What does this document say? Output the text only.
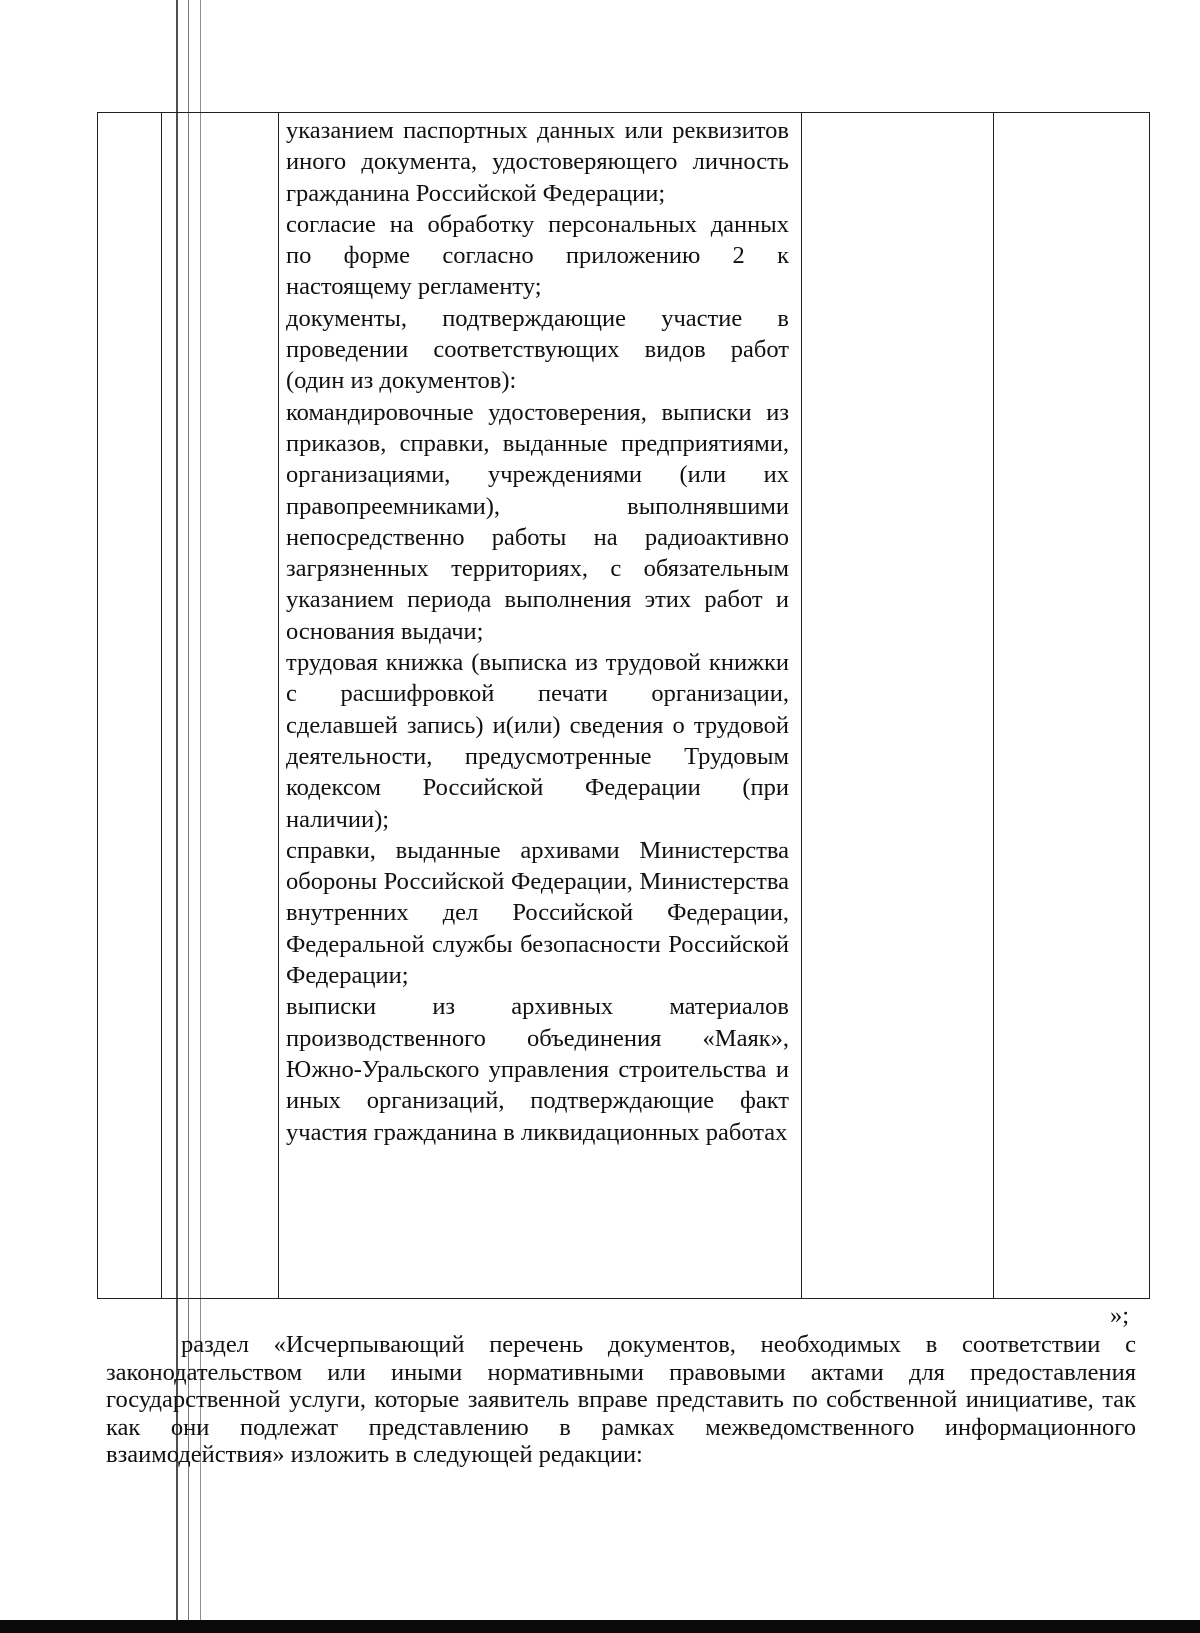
указанием паспортных данных или реквизитов иного документа, удостоверяющего личность гражданина Российской Федерации;

согласие на обработку персональных данных по форме согласно приложению 2 к настоящему регламенту;

документы, подтверждающие участие в проведении соответствующих видов работ (один из документов):

командировочные удостоверения, выписки из приказов, справки, выданные предприятиями, организациями, учреждениями (или их правопреемниками), выполнявшими непосредственно работы на радиоактивно загрязненных территориях, с обязательным указанием периода выполнения этих работ и основания выдачи;

трудовая книжка (выписка из трудовой книжки с расшифровкой печати организации, сделавшей запись) и(или) сведения о трудовой деятельности, предусмотренные Трудовым кодексом Российской Федерации (при наличии);

справки, выданные архивами Министерства обороны Российской Федерации, Министерства внутренних дел Российской Федерации, Федеральной службы безопасности Российской Федерации;

выписки из архивных материалов производственного объединения «Маяк», Южно-Уральского управления строительства и иных организаций, подтверждающие факт участия гражданина в ликвидационных работах

»;
раздел «Исчерпывающий перечень документов, необходимых в соответствии с законодательством или иными нормативными правовыми актами для предоставления государственной услуги, которые заявитель вправе представить по собственной инициативе, так как они подлежат представлению в рамках межведомственного информационного взаимодействия» изложить в следующей редакции:
